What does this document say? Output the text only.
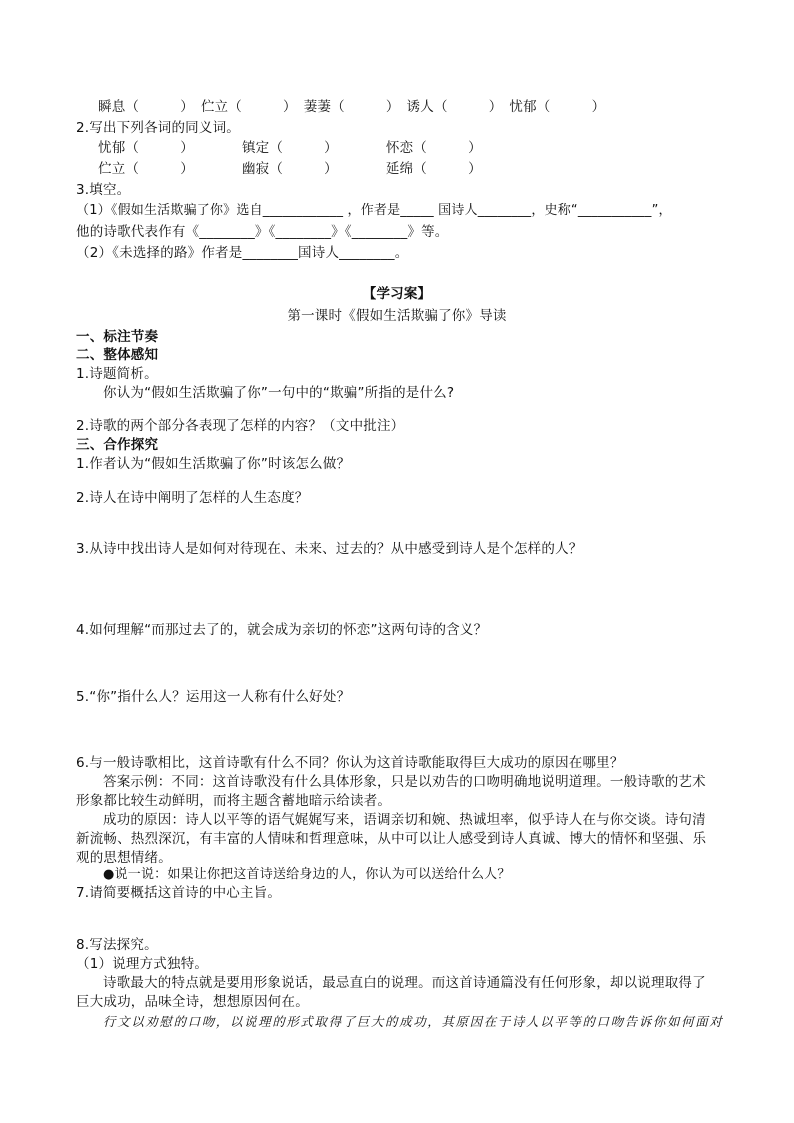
瞬息（　　　）　伫立（　　　）　萋萋（　　　）　诱人（　　　）　忧郁（　　　）
2.写出下列各词的同义词。
忧郁（　　　）　　　　镇定（　　　）　　　　怀恋（　　　）
伫立（　　　）　　　　幽寂（　　　）　　　　延绵（　　　）
3.填空。
（1）《假如生活欺骗了你》选自____________ ，作者是_____ 国诗人________，史称“___________”，
他的诗歌代表作有《________》《________》《________》等。
（2）《未选择的路》作者是________国诗人________。
【学习案】
第一课时《假如生活欺骗了你》导读
一、标注节奏
二、整体感知
1.诗题简析。
你认为“假如生活欺骗了你”一句中的“欺骗”所指的是什么?
2.诗歌的两个部分各表现了怎样的内容？（文中批注）
三、合作探究
1.作者认为“假如生活欺骗了你”时该怎么做？
2.诗人在诗中阐明了怎样的人生态度？
3.从诗中找出诗人是如何对待现在、未来、过去的？从中感受到诗人是个怎样的人？
4.如何理解“而那过去了的，就会成为亲切的怀恋”这两句诗的含义？
5.“你”指什么人？运用这一人称有什么好处？
6.与一般诗歌相比，这首诗歌有什么不同？你认为这首诗歌能取得巨大成功的原因在哪里？
答案示例：不同：这首诗歌没有什么具体形象，只是以劝告的口吻明确地说明道理。一般诗歌的艺术
形象都比较生动鲜明，而将主题含蓄地暗示给读者。
成功的原因：诗人以平等的语气娓娓写来，语调亲切和婉、热诚坦率，似乎诗人在与你交谈。诗句清
新流畅、热烈深沉，有丰富的人情味和哲理意味，从中可以让人感受到诗人真诚、博大的情怀和坚强、乐
观的思想情绪。
●说一说：如果让你把这首诗送给身边的人，你认为可以送给什么人？
7.请简要概括这首诗的中心主旨。
8.写法探究。
（1）说理方式独特。
诗歌最大的特点就是要用形象说话，最忌直白的说理。而这首诗通篇没有任何形象，却以说理取得了
巨大成功，品味全诗，想想原因何在。
行文以劝慰的口吻，以说理的形式取得了巨大的成功，其原因在于诗人以平等的口吻告诉你如何面对
